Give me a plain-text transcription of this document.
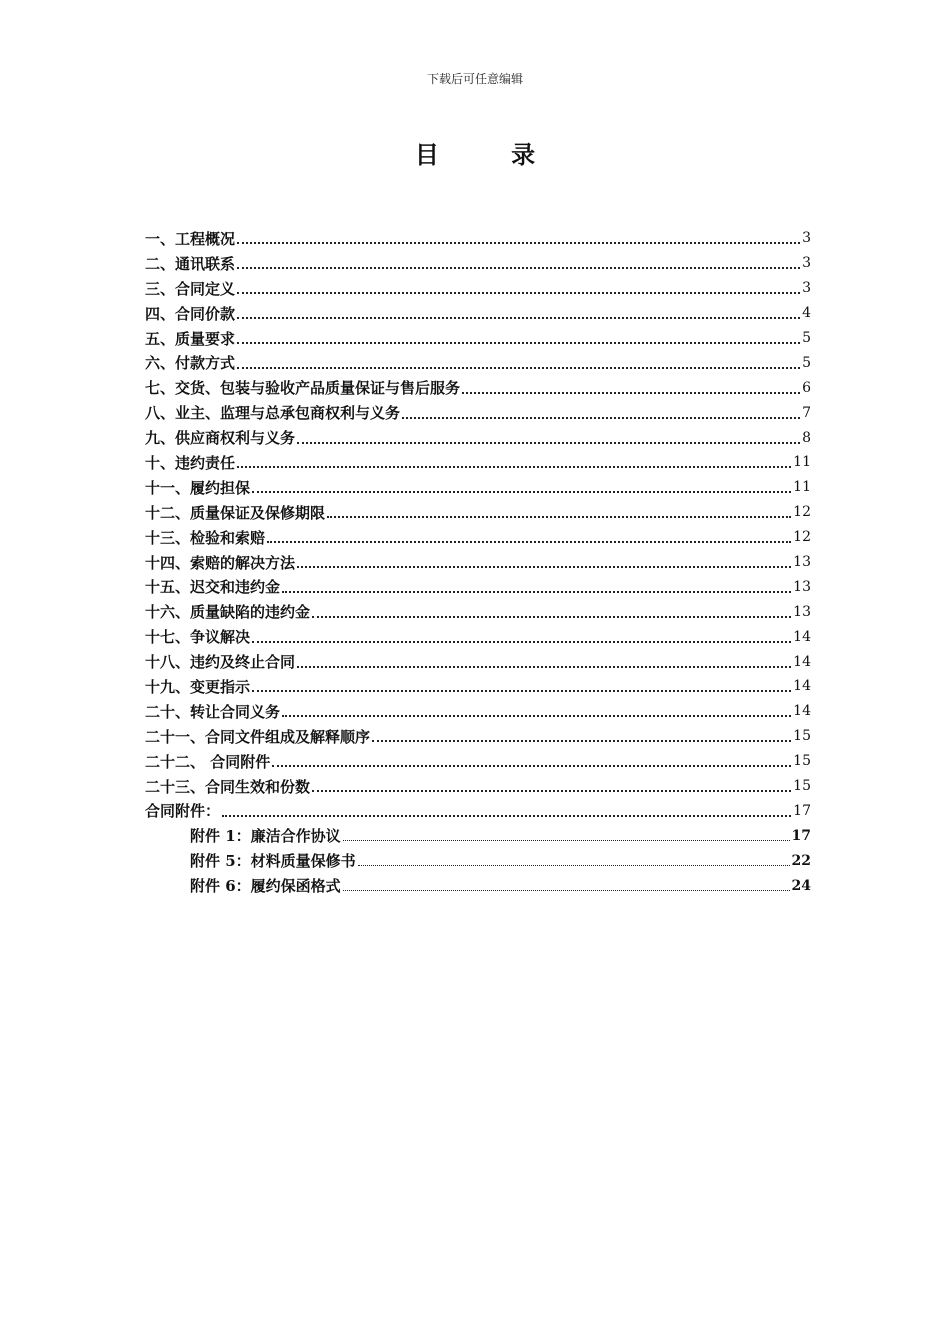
下载后可任意编辑
目 录
一、工程概况	3
二、通讯联系	3
三、合同定义	3
四、合同价款	4
五、质量要求	5
六、付款方式	5
七、交货、包装与验收产品质量保证与售后服务	6
八、业主、监理与总承包商权利与义务	7
九、供应商权利与义务	8
十、违约责任	11
十一、履约担保	11
十二、质量保证及保修期限	12
十三、检验和索赔	12
十四、索赔的解决方法	13
十五、迟交和违约金	13
十六、质量缺陷的违约金	13
十七、争议解决	14
十八、违约及终止合同	14
十九、变更指示	14
二十、转让合同义务	14
二十一、合同文件组成及解释顺序	15
二十二、 合同附件	15
二十三、合同生效和份数	15
合同附件：	17
附件 1：廉洁合作协议	17
附件 5：材料质量保修书	22
附件 6：履约保函格式	24
